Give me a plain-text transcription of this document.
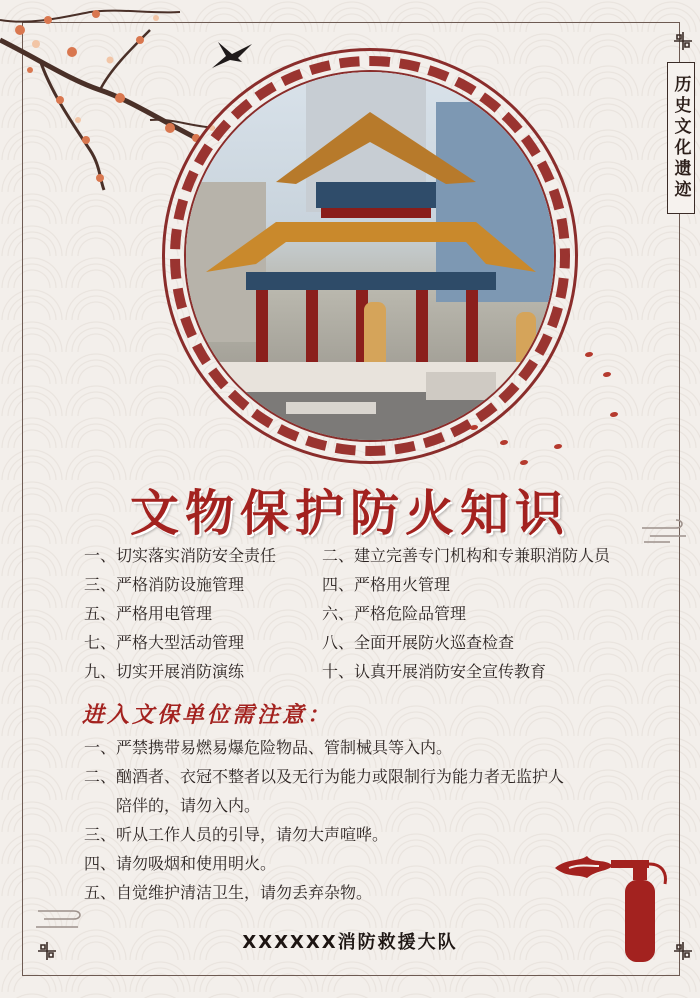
历史文化遗迹
文物保护防火知识
一、切实落实消防安全责任	二、建立完善专门机构和专兼职消防人员
三、严格消防设施管理	四、严格用火管理
五、严格用电管理	六、严格危险品管理
七、严格大型活动管理	八、全面开展防火巡查检查
九、切实开展消防演练	十、认真开展消防安全宣传教育
进入文保单位需注意：
一、严禁携带易燃易爆危险物品、管制械具等入内。
二、酗酒者、衣冠不整者以及无行为能力或限制行为能力者无监护人
陪伴的，请勿入内。
三、听从工作人员的引导，请勿大声喧哗。
四、请勿吸烟和使用明火。
五、自觉维护清洁卫生，请勿丢弃杂物。
XXXXXX消防救援大队
